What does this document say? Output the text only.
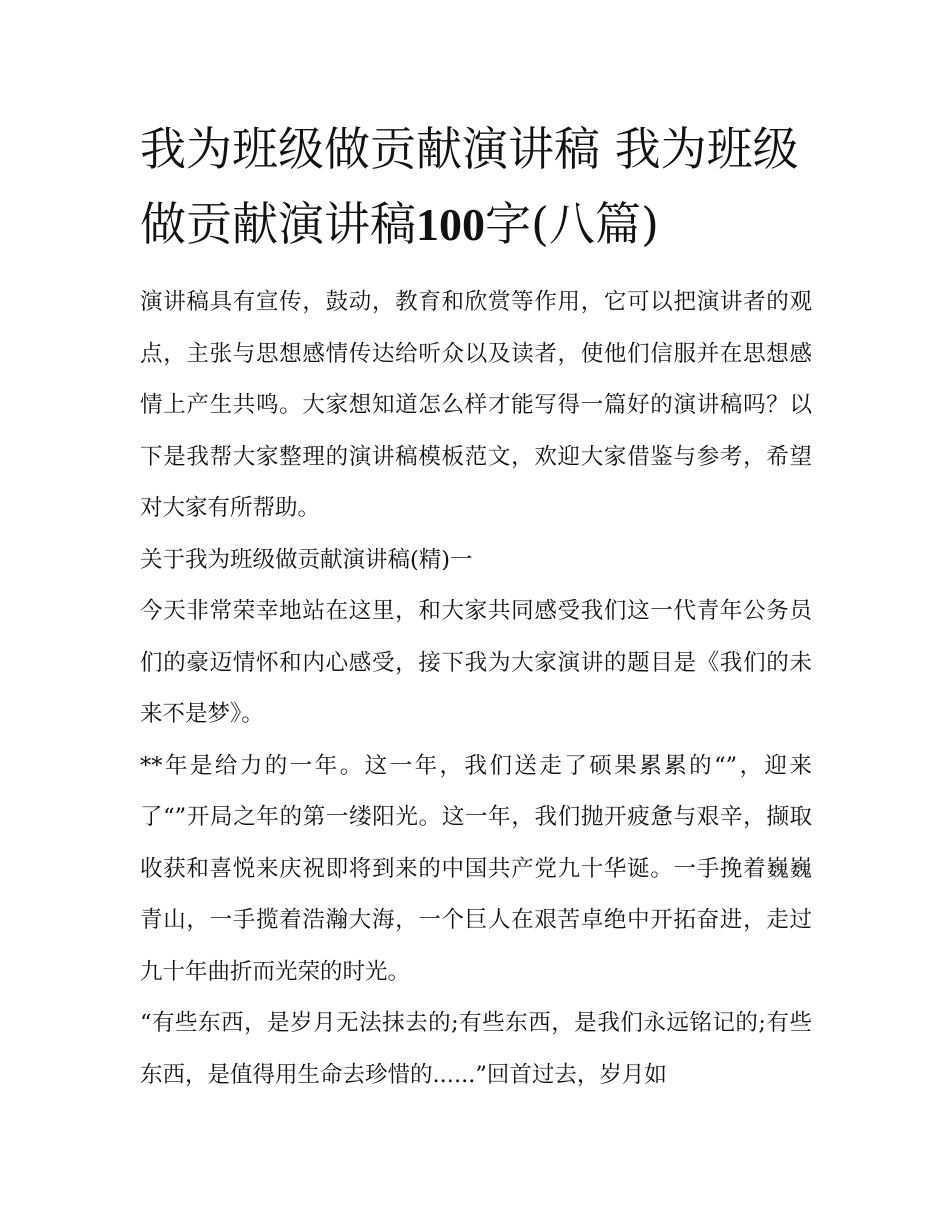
我为班级做贡献演讲稿 我为班级做贡献演讲稿100字(八篇)

演讲稿具有宣传，鼓动，教育和欣赏等作用，它可以把演讲者的观点，主张与思想感情传达给听众以及读者，使他们信服并在思想感情上产生共鸣。大家想知道怎么样才能写得一篇好的演讲稿吗？以下是我帮大家整理的演讲稿模板范文，欢迎大家借鉴与参考，希望对大家有所帮助。

关于我为班级做贡献演讲稿(精)一

今天非常荣幸地站在这里，和大家共同感受我们这一代青年公务员们的豪迈情怀和内心感受，接下我为大家演讲的题目是《我们的未来不是梦》。

**年是给力的一年。这一年，我们送走了硕果累累的“”，迎来了“”开局之年的第一缕阳光。这一年，我们抛开疲惫与艰辛，撷取收获和喜悦来庆祝即将到来的中国共产党九十华诞。一手挽着巍巍青山，一手揽着浩瀚大海，一个巨人在艰苦卓绝中开拓奋进，走过九十年曲折而光荣的时光。

“有些东西，是岁月无法抹去的;有些东西，是我们永远铭记的;有些东西，是值得用生命去珍惜的......”回首过去，岁月如
